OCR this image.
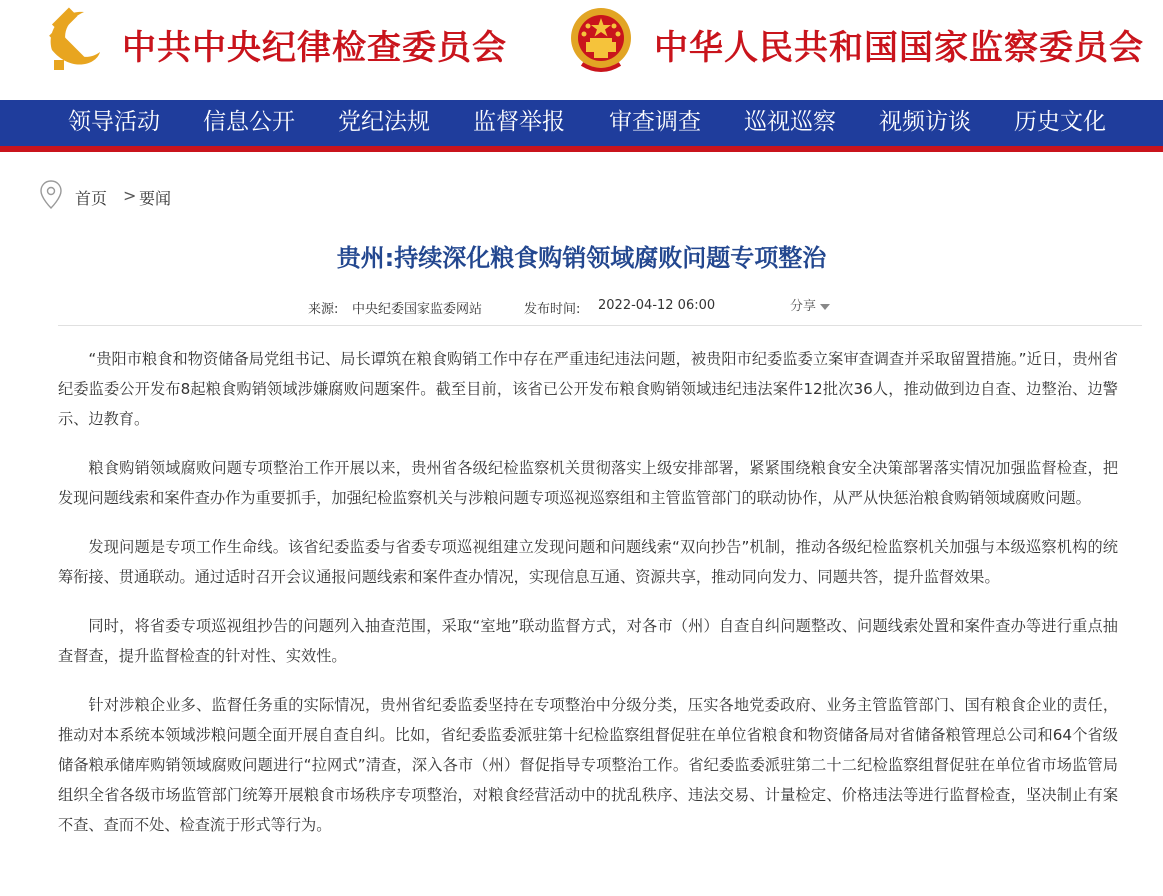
中共中央纪律检查委员会	中华人民共和国国家监察委员会
领导活动 信息公开 党纪法规 监督举报 审查调查 巡视巡察 视频访谈 历史文化
首页 > 要闻
贵州:持续深化粮食购销领域腐败问题专项整治
来源: 中央纪委国家监委网站	发布时间: 2022-04-12 06:00	分享

“贵阳市粮食和物资储备局党组书记、局长谭筑在粮食购销工作中存在严重违纪违法问题，被贵阳市纪委监委立案审查调查并采取留置措施。”近日，贵州省纪委监委公开发布8起粮食购销领域涉嫌腐败问题案件。截至目前，该省已公开发布粮食购销领域违纪违法案件12批次36人，推动做到边自查、边整治、边警示、边教育。

粮食购销领域腐败问题专项整治工作开展以来，贵州省各级纪检监察机关贯彻落实上级安排部署，紧紧围绕粮食安全决策部署落实情况加强监督检查，把发现问题线索和案件查办作为重要抓手，加强纪检监察机关与涉粮问题专项巡视巡察组和主管监管部门的联动协作，从严从快惩治粮食购销领域腐败问题。

发现问题是专项工作生命线。该省纪委监委与省委专项巡视组建立发现问题和问题线索“双向抄告”机制，推动各级纪检监察机关加强与本级巡察机构的统筹衔接、贯通联动。通过适时召开会议通报问题线索和案件查办情况，实现信息互通、资源共享，推动同向发力、同题共答，提升监督效果。

同时，将省委专项巡视组抄告的问题列入抽查范围，采取“室地”联动监督方式，对各市（州）自查自纠问题整改、问题线索处置和案件查办等进行重点抽查督查，提升监督检查的针对性、实效性。

针对涉粮企业多、监督任务重的实际情况，贵州省纪委监委坚持在专项整治中分级分类，压实各地党委政府、业务主管监管部门、国有粮食企业的责任，推动对本系统本领域涉粮问题全面开展自查自纠。比如，省纪委监委派驻第十纪检监察组督促驻在单位省粮食和物资储备局对省储备粮管理总公司和64个省级储备粮承储库购销领域腐败问题进行“拉网式”清查，深入各市（州）督促指导专项整治工作。省纪委监委派驻第二十二纪检监察组督促驻在单位省市场监管局组织全省各级市场监管部门统筹开展粮食市场秩序专项整治，对粮食经营活动中的扰乱秩序、违法交易、计量检定、价格违法等进行监督检查，坚决制止有案不查、查而不处、检查流于形式等行为。
